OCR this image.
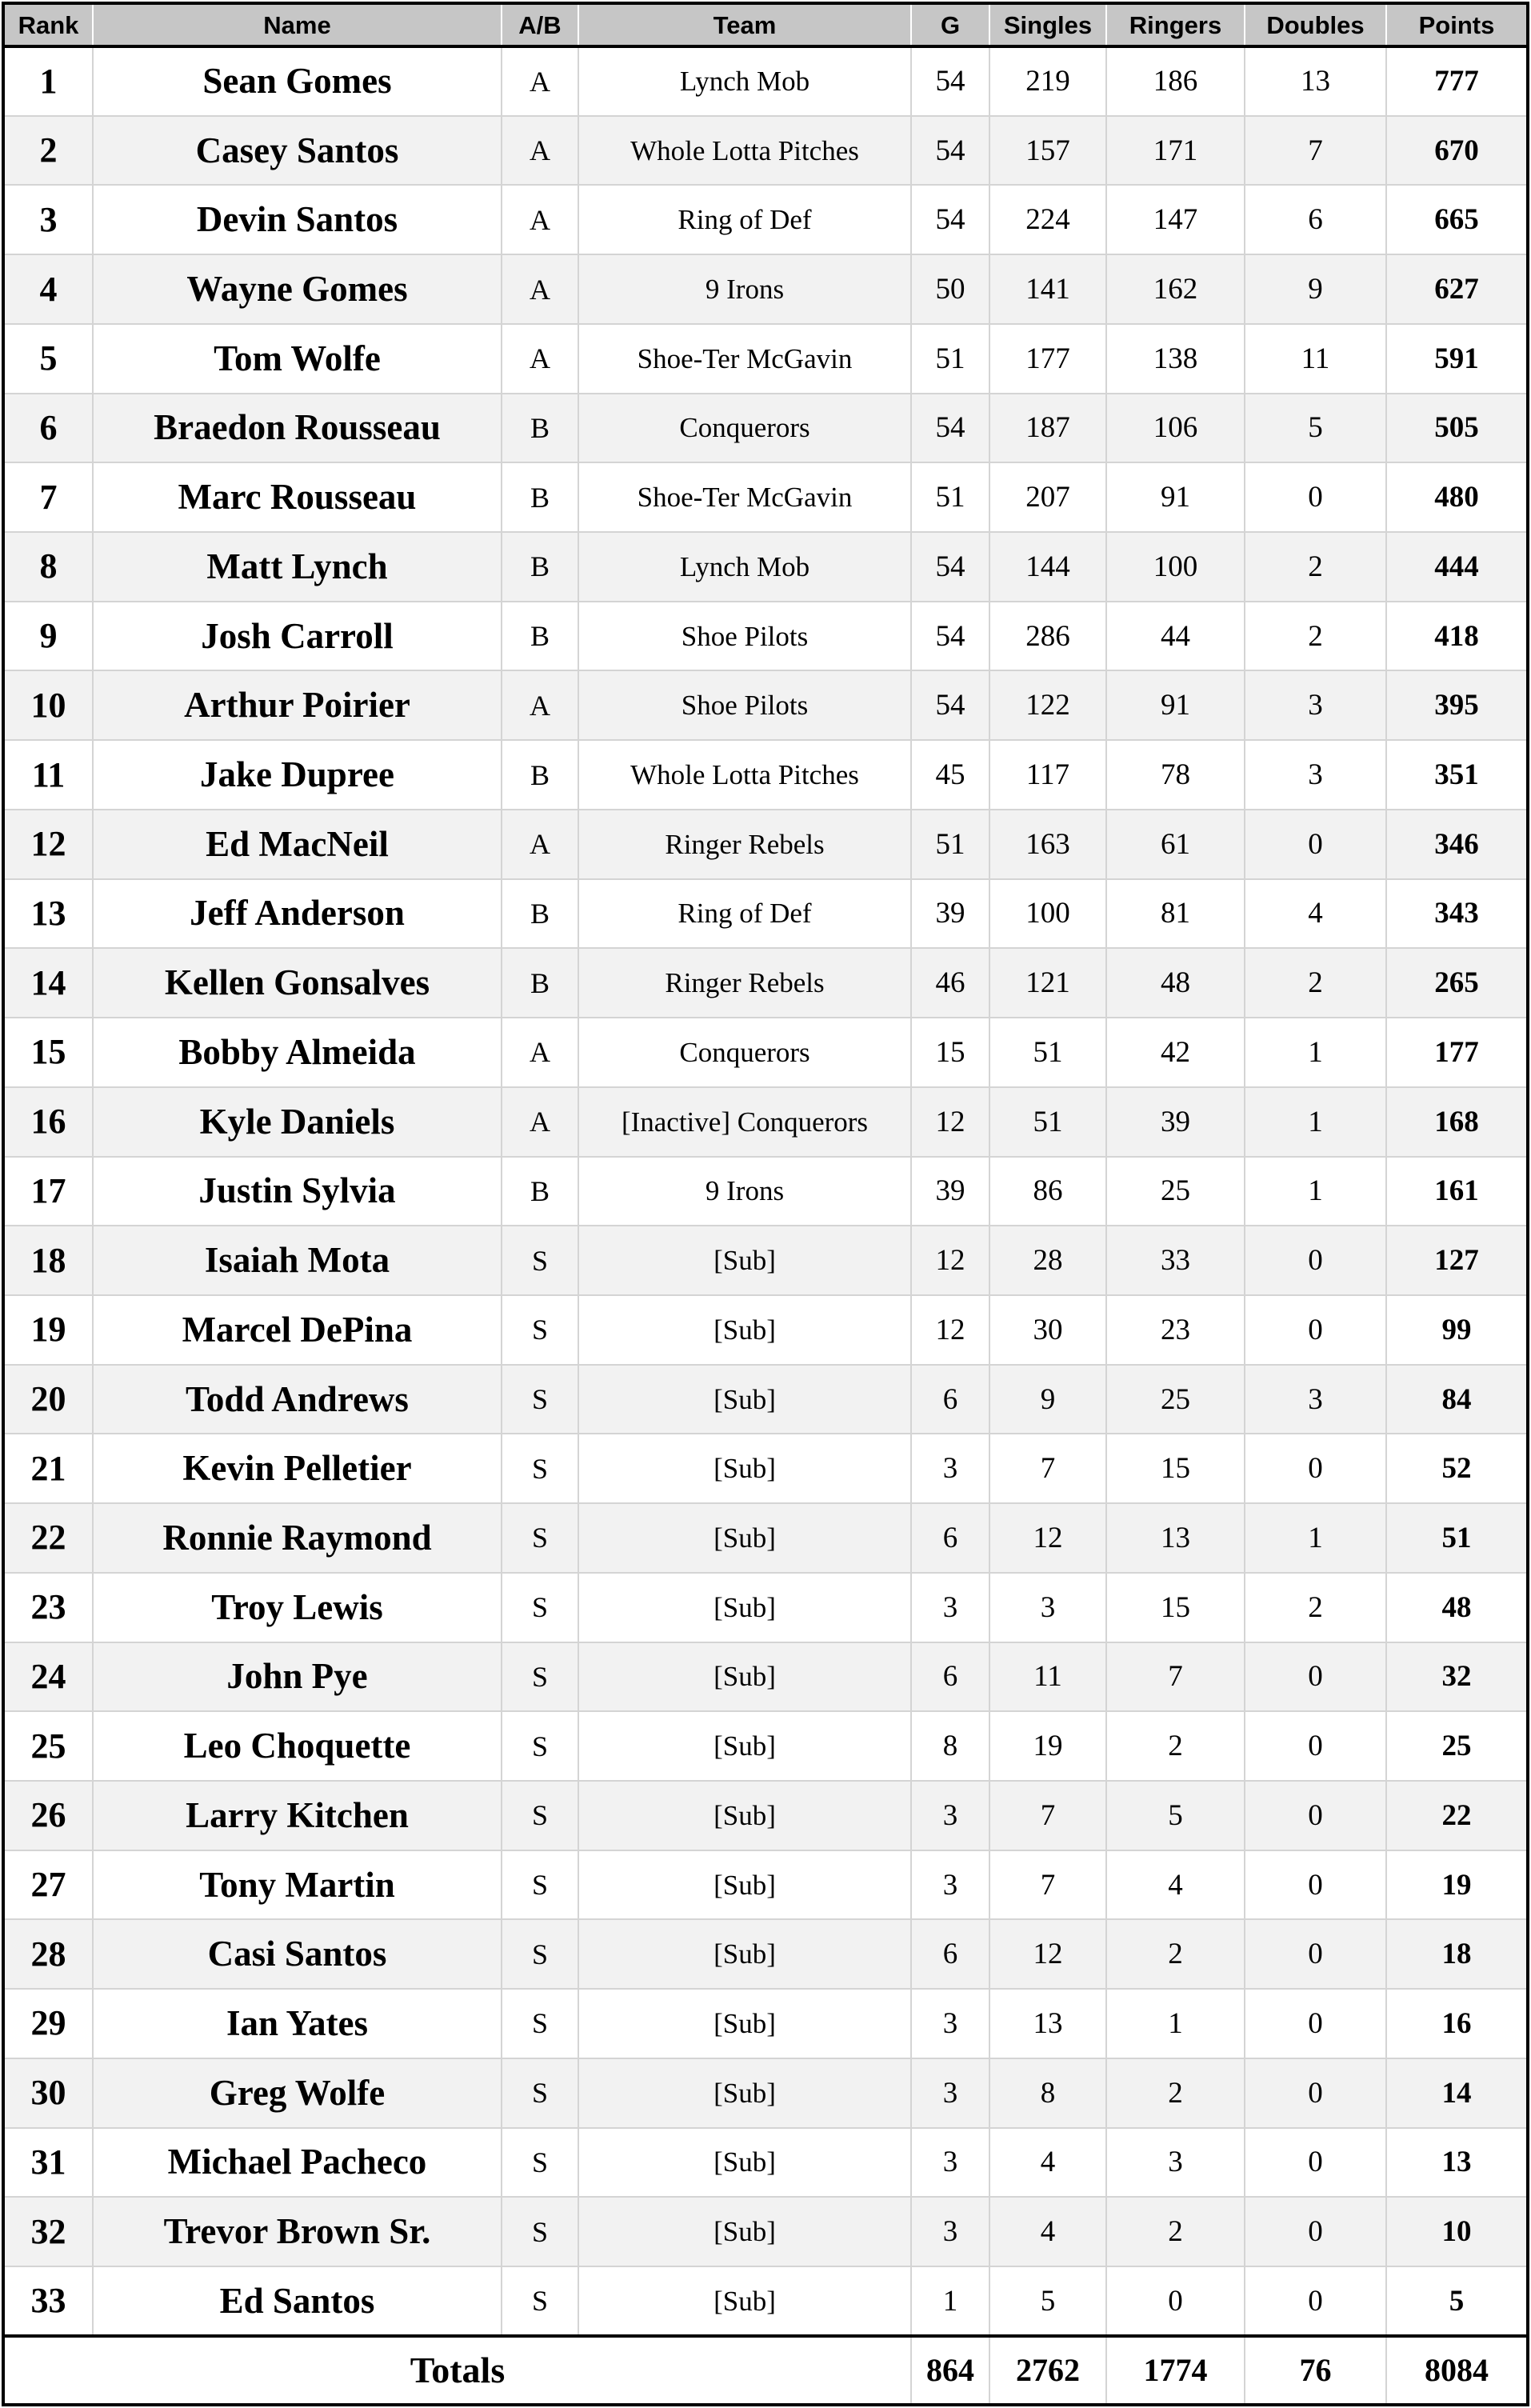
Rank	Name	A/B	Team	G	Singles	Ringers	Doubles	Points
1	Sean Gomes	A	Lynch Mob	54	219	186	13	777
2	Casey Santos	A	Whole Lotta Pitches	54	157	171	7	670
3	Devin Santos	A	Ring of Def	54	224	147	6	665
4	Wayne Gomes	A	9 Irons	50	141	162	9	627
5	Tom Wolfe	A	Shoe-Ter McGavin	51	177	138	11	591
6	Braedon Rousseau	B	Conquerors	54	187	106	5	505
7	Marc Rousseau	B	Shoe-Ter McGavin	51	207	91	0	480
8	Matt Lynch	B	Lynch Mob	54	144	100	2	444
9	Josh Carroll	B	Shoe Pilots	54	286	44	2	418
10	Arthur Poirier	A	Shoe Pilots	54	122	91	3	395
11	Jake Dupree	B	Whole Lotta Pitches	45	117	78	3	351
12	Ed MacNeil	A	Ringer Rebels	51	163	61	0	346
13	Jeff Anderson	B	Ring of Def	39	100	81	4	343
14	Kellen Gonsalves	B	Ringer Rebels	46	121	48	2	265
15	Bobby Almeida	A	Conquerors	15	51	42	1	177
16	Kyle Daniels	A	[Inactive] Conquerors	12	51	39	1	168
17	Justin Sylvia	B	9 Irons	39	86	25	1	161
18	Isaiah Mota	S	[Sub]	12	28	33	0	127
19	Marcel DePina	S	[Sub]	12	30	23	0	99
20	Todd Andrews	S	[Sub]	6	9	25	3	84
21	Kevin Pelletier	S	[Sub]	3	7	15	0	52
22	Ronnie Raymond	S	[Sub]	6	12	13	1	51
23	Troy Lewis	S	[Sub]	3	3	15	2	48
24	John Pye	S	[Sub]	6	11	7	0	32
25	Leo Choquette	S	[Sub]	8	19	2	0	25
26	Larry Kitchen	S	[Sub]	3	7	5	0	22
27	Tony Martin	S	[Sub]	3	7	4	0	19
28	Casi Santos	S	[Sub]	6	12	2	0	18
29	Ian Yates	S	[Sub]	3	13	1	0	16
30	Greg Wolfe	S	[Sub]	3	8	2	0	14
31	Michael Pacheco	S	[Sub]	3	4	3	0	13
32	Trevor Brown Sr.	S	[Sub]	3	4	2	0	10
33	Ed Santos	S	[Sub]	1	5	0	0	5
Totals				864	2762	1774	76	8084
